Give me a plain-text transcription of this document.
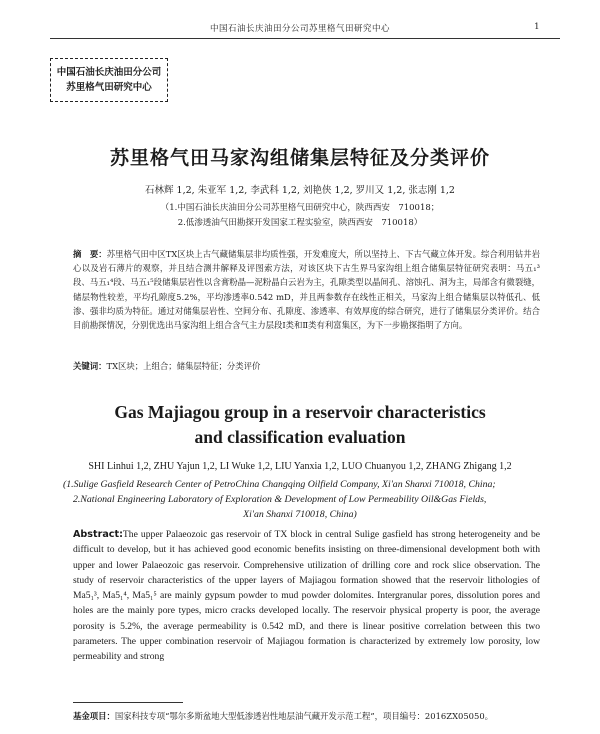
中国石油长庆油田分公司苏里格气田研究中心	1
中国石油长庆油田分公司
苏里格气田研究中心
苏里格气田马家沟组储集层特征及分类评价
石林辉 1,2, 朱亚军 1,2, 李武科 1,2, 刘艳侠 1,2, 罗川又 1,2, 张志刚 1,2
（1.中国石油长庆油田分公司苏里格气田研究中心，陕西西安　710018；
2.低渗透油气田勘探开发国家工程实验室，陕西西安　710018）

摘　要：苏里格气田中区TX区块上古气藏储集层非均质性强，开发难度大，所以坚持上、下古气藏立体开发。综合利用钻井岩心以及岩石薄片的观察，并且结合测井解释及评图索方法，对该区块下古生界马家沟组上组合储集层特征研究表明：马五₁³段、马五₁⁴段、马五₁⁵段储集层岩性以含膏粉晶—泥粉晶白云岩为主，孔隙类型以晶间孔、溶蚀孔、洞为主，局部含有微裂缝，储层物性较差，平均孔隙度5.2%，平均渗透率0.542 mD，并且两参数存在线性正相关，马家沟上组合储集层以特低孔、低渗、强非均质为特征。通过对储集层岩性、空间分布、孔隙度、渗透率、有效厚度的综合研究，进行了储集层分类评价。结合目前勘探情况，分别优选出马家沟组上组合含气主力层段Ⅰ类和Ⅱ类有利富集区，为下一步勘探指明了方向。

关键词：TX区块；上组合；储集层特征；分类评价
Gas Majiagou group in a reservoir characteristics
and classification evaluation
SHI Linhui 1,2, ZHU Yajun 1,2, LI Wuke 1,2, LIU Yanxia 1,2, LUO Chuanyou 1,2, ZHANG Zhigang 1,2
(1.Sulige Gasfield Research Center of PetroChina Changqing Oilfield Company, Xi'an Shanxi 710018, China;
2.National Engineering Laboratory of Exploration & Development of Low Permeability Oil&Gas Fields,
Xi'an Shanxi 710018, China)

Abstract:The upper Palaeozoic gas reservoir of TX block in central Sulige gasfield has strong heterogeneity and be difficult to develop, but it has achieved good economic benefits insisting on three-dimensional development both with upper and lower Palaeozoic gas reservoir. Comprehensive utilization of drilling core and rock slice observation. The study of reservoir characteristics of the upper layers of Majiagou formation showed that the reservoir lithologies of Ma5₁³, Ma5₁⁴, Ma5₁⁵ are mainly gypsum powder to mud powder dolomites. Intergranular pores, dissolution pores and holes are the mainly pore types, micro cracks developed locally. The reservoir physical property is poor, the average porosity is 5.2%, the average permeability is 0.542 mD, and there is linear positive correlation between this two parameters. The upper combination reservoir of Majiagou formation is characterized by extremely low porosity, low permeability and strong

基金项目：国家科技专项“鄂尔多斯盆地大型低渗透岩性地层油气藏开发示范工程”，项目编号：2016ZX05050。
